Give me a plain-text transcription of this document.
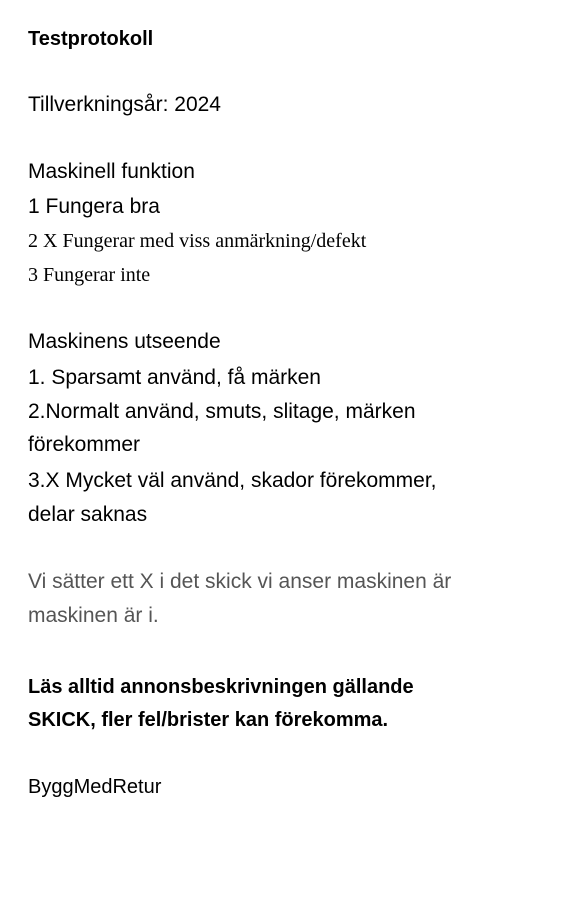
Testprotokoll
Tillverkningsår: 2024
Maskinell funktion
1 Fungera bra
2 X Fungerar med viss anmärkning/defekt
3 Fungerar inte
Maskinens utseende
1. Sparsamt använd, få märken
2.Normalt använd, smuts, slitage, märken
förekommer
3.X Mycket väl använd, skador förekommer,
delar saknas
Vi sätter ett X i det skick vi anser maskinen är
maskinen är i.
Läs alltid annonsbeskrivningen gällande
SKICK, fler fel/brister kan förekomma.
ByggMedRetur
